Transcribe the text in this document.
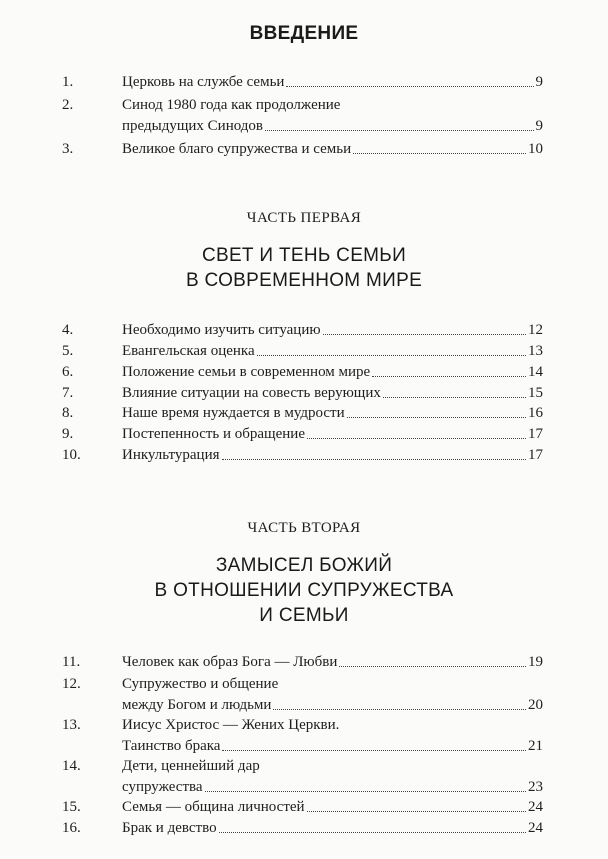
ВВЕДЕНИЕ
1.	Церковь на службе семьи	9
2.	Синод 1980 года как продолжение
предыдущих Синодов	9
3.	Великое благо супружества и семьи	10
ЧАСТЬ ПЕРВАЯ
СВЕТ И ТЕНЬ СЕМЬИ
В СОВРЕМЕННОМ МИРЕ
4.	Необходимо изучить ситуацию	12
5.	Евангельская оценка	13
6.	Положение семьи в современном мире	14
7.	Влияние ситуации на совесть верующих	15
8.	Наше время нуждается в мудрости	16
9.	Постепенность и обращение	17
10.	Инкультурация	17
ЧАСТЬ ВТОРАЯ
ЗАМЫСЕЛ БОЖИЙ
В ОТНОШЕНИИ СУПРУЖЕСТВА
И СЕМЬИ
11.	Человек как образ Бога — Любви	19
12.	Супружество и общение
между Богом и людьми	20
13.	Иисус Христос — Жених Церкви.
Таинство брака	21
14.	Дети, ценнейший дар
супружества	23
15.	Семья — община личностей	24
16.	Брак и девство	24
